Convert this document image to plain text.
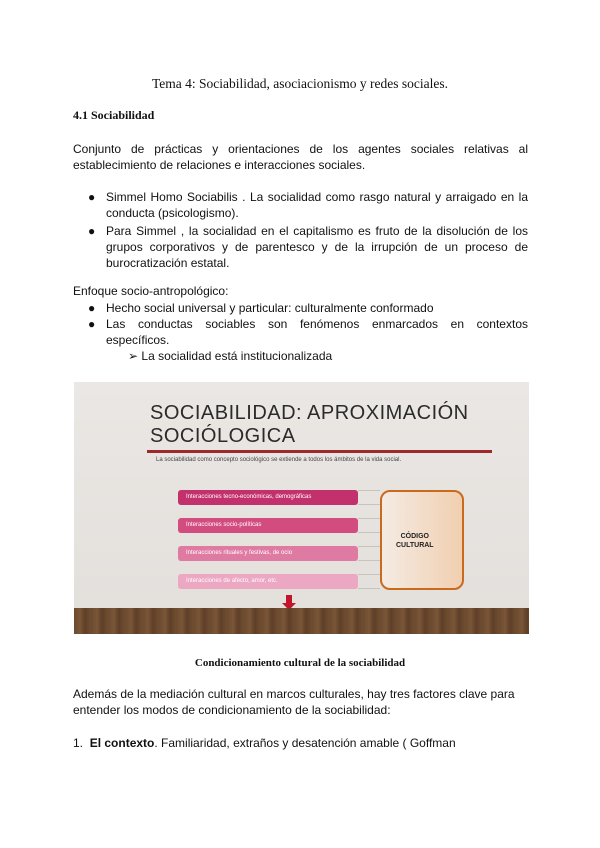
Tema 4: Sociabilidad, asociacionismo y redes sociales.
4.1 Sociabilidad
Conjunto de prácticas y orientaciones de los agentes sociales relativas al establecimiento de relaciones e interacciones sociales.
● Simmel Homo Sociabilis . La socialidad como rasgo natural y arraigado en la conducta (psicologismo).
● Para Simmel , la socialidad en el capitalismo es fruto de la disolución de los grupos corporativos y de parentesco y de la irrupción de un proceso de burocratización estatal.
Enfoque socio-antropológico:
● Hecho social universal y particular: culturalmente conformado
● Las conductas sociables son fenómenos enmarcados en contextos específicos.
➢ La socialidad está institucionalizada
SOCIABILIDAD: APROXIMACIÓN
SOCIÓLOGICA
La sociabilidad como concepto sociológico se extiende a todos los ámbitos de la vida social.
Interacciones tecno-económicas, demográficas
Interacciones socio-políticas
Interacciones rituales y festivas, de ocio
Interacciones de afecto, amor, etc.
CÓDIGO
CULTURAL
Condicionamiento cultural de la sociabilidad
Además de la mediación cultural en marcos culturales, hay tres factores clave para entender los modos de condicionamiento de la sociabilidad:
1. El contexto. Familiaridad, extraños y desatención amable ( Goffman
